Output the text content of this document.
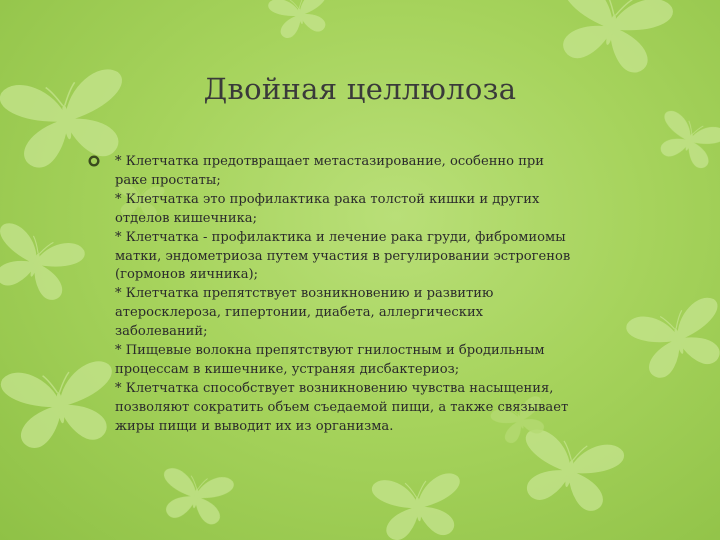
Двойная целлюлоза
* Клетчатка предотвращает метастазирование, особенно при
раке простаты;
* Клетчатка это профилактика рака толстой кишки и других
отделов кишечника;
* Клетчатка - профилактика и лечение рака груди, фибромиомы
матки, эндометриоза путем участия в регулировании эстрогенов
(гормонов яичника);
* Клетчатка препятствует возникновению и развитию
атеросклероза, гипертонии, диабета, аллергических
заболеваний;
* Пищевые волокна препятствуют гнилостным и бродильным
процессам в кишечнике, устраняя дисбактериоз;
* Клетчатка способствует возникновению чувства насыщения,
позволяют сократить объем съедаемой пищи, а также связывает
жиры пищи и выводит их из организма.
